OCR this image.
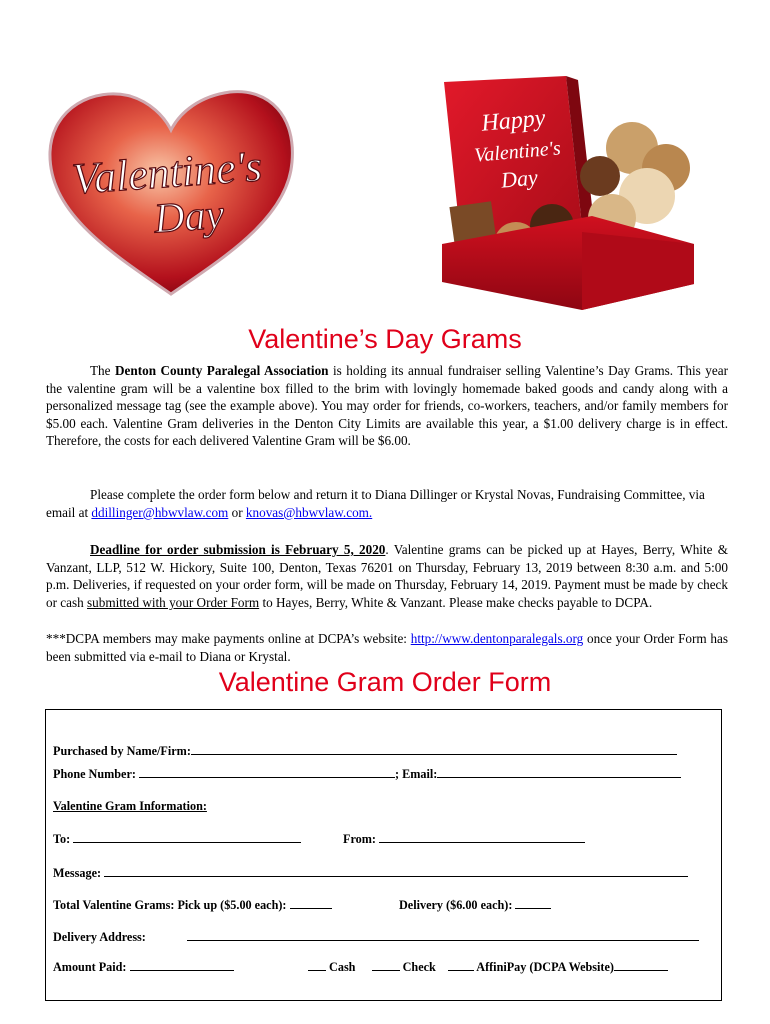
Valentine's
Day
Happy
Valentine's
Day
Valentine’s Day Grams
The Denton County Paralegal Association is holding its annual fundraiser selling Valentine’s Day Grams. This year the valentine gram will be a valentine box filled to the brim with lovingly homemade baked goods and candy along with a personalized message tag (see the example above). You may order for friends, co-workers, teachers, and/or family members for $5.00 each. Valentine Gram deliveries in the Denton City Limits are available this year, a $1.00 delivery charge is in effect. Therefore, the costs for each delivered Valentine Gram will be $6.00.
Please complete the order form below and return it to Diana Dillinger or Krystal Novas, Fundraising Committee, via email at ddillinger@hbwvlaw.com or knovas@hbwvlaw.com.
Deadline for order submission is February 5, 2020. Valentine grams can be picked up at Hayes, Berry, White & Vanzant, LLP, 512 W. Hickory, Suite 100, Denton, Texas 76201 on Thursday, February 13, 2019 between 8:30 a.m. and 5:00 p.m. Deliveries, if requested on your order form, will be made on Thursday, February 14, 2019. Payment must be made by check or cash submitted with your Order Form to Hayes, Berry, White & Vanzant. Please make checks payable to DCPA.
***DCPA members may make payments online at DCPA’s website: http://www.dentonparalegals.org once your Order Form has been submitted via e-mail to Diana or Krystal.
Valentine Gram Order Form
Purchased by Name/Firm:
Phone Number:	; Email:
Valentine Gram Information:
To:	From:
Message:
Total Valentine Grams: Pick up ($5.00 each):	Delivery ($6.00 each):
Delivery Address:
Amount Paid:	Cash	Check	AffiniPay (DCPA Website)
